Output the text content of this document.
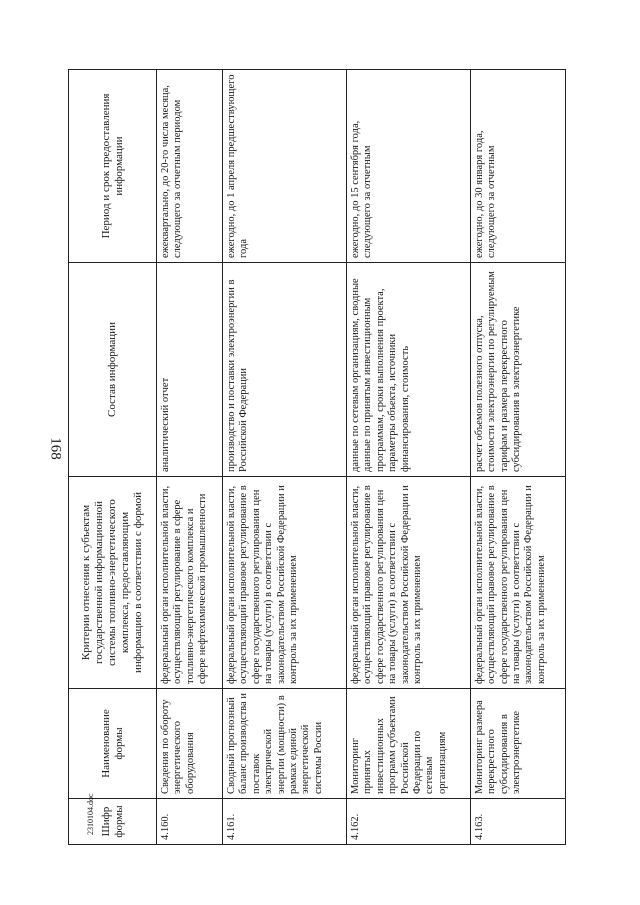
168
Шифр формы	Наименование формы	Критерии отнесения к субъектам государственной информационной системы топливно-энергетического комплекса, предоставляющим информацию в соответствии с формой	Состав информации	Период и срок предоставления информации
4.160.	Сведения по обороту энергетического оборудования	федеральный орган исполнительной власти, осуществляющий регулирование в сфере топливно-энергетического комплекса и сфере нефтехимической промышленности	аналитический отчет	ежеквартально, до 20-го числа месяца, следующего за отчетным периодом
4.161.	Сводный прогнозный баланс производства и поставок электрической энергии (мощности) в рамках единой энергетической системы России	федеральный орган исполнительной власти, осуществляющий правовое регулирование в сфере государственного регулирования цен на товары (услуги) в соответствии с законодательством Российской Федерации и контроль за их применением	производство и поставки электроэнергии в Российской Федерации	ежегодно, до 1 апреля предшествующего года
4.162.	Мониторинг принятых инвестиционных программ субъектами Российской Федерации по сетевым организациям	федеральный орган исполнительной власти, осуществляющий правовое регулирование в сфере государственного регулирования цен на товары (услуги) в соответствии с законодательством Российской Федерации и контроль за их применением	данные по сетевым организациям, сводные данные по принятым инвестиционным программам, сроки выполнения проекта, параметры объекта, источники финансирования, стоимость	ежегодно, до 15 сентября года, следующего за отчетным
4.163.	Мониторинг размера перекрестного субсидирования в электроэнергетике	федеральный орган исполнительной власти, осуществляющий правовое регулирование в сфере государственного регулирования цен на товары (услуги) в соответствии с законодательством Российской Федерации и контроль за их применением	расчет объемов полезного отпуска, стоимости электроэнергии по регулируемым тарифам и размера перекрестного субсидирования в электроэнергетике	ежегодно, до 30 января года, следующего за отчетным
2310104.doc
